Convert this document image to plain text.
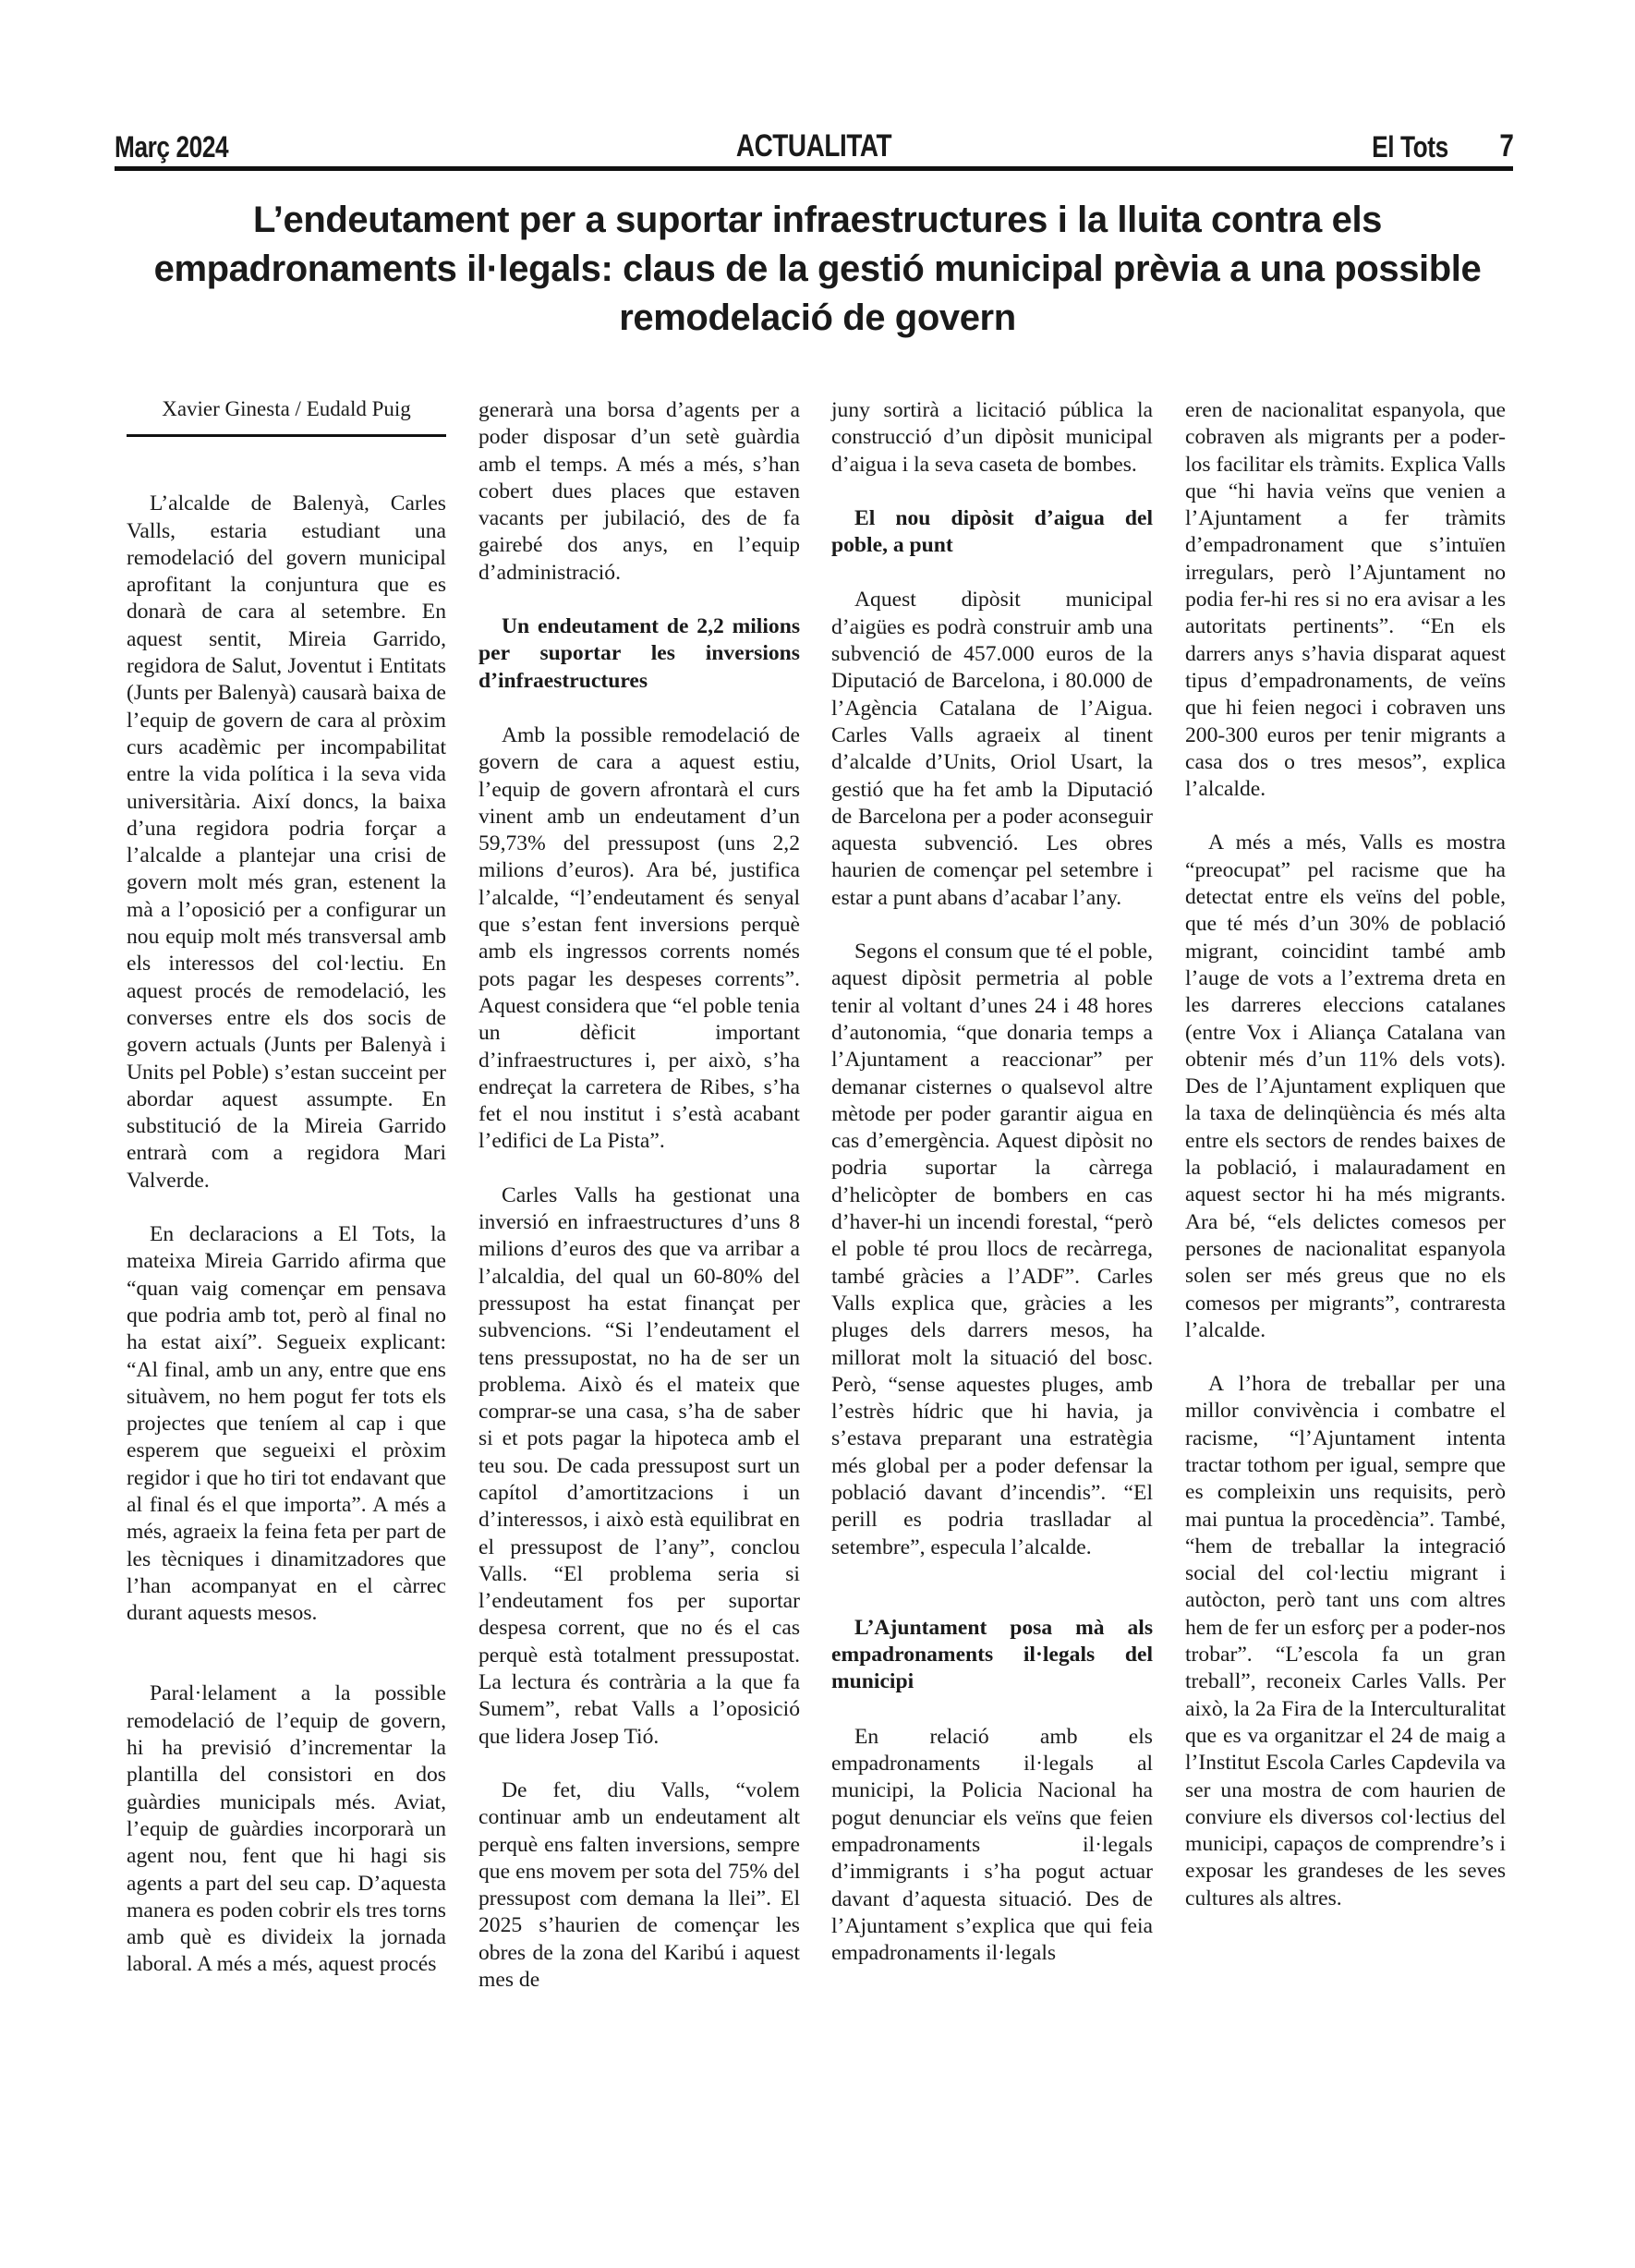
Març 2024	ACTUALITAT	El Tots 7
L’endeutament per a suportar infraestructures i la lluita contra els empadronaments il·legals: claus de la gestió municipal prèvia a una possible remodelació de govern
Xavier Ginesta / Eudald Puig

L’alcalde de Balenyà, Carles Valls, estaria estudiant una remodelació del govern municipal aprofitant la conjuntura que es donarà de cara al setembre. En aquest sentit, Mireia Garrido, regidora de Salut, Joventut i Entitats (Junts per Balenyà) causarà baixa de l’equip de govern de cara al pròxim curs acadèmic per incompabilitat entre la vida política i la seva vida universitària. Així doncs, la baixa d’una regidora podria forçar a l’alcalde a plantejar una crisi de govern molt més gran, estenent la mà a l’oposició per a configurar un nou equip molt més transversal amb els interessos del col·lectiu. En aquest procés de remodelació, les converses entre els dos socis de govern actuals (Junts per Balenyà i Units pel Poble) s’estan succeint per abordar aquest assumpte. En substitució de la Mireia Garrido entrarà com a regidora Mari Valverde.

En declaracions a El Tots, la mateixa Mireia Garrido afirma que “quan vaig començar em pensava que podria amb tot, però al final no ha estat així”. Segueix explicant: “Al final, amb un any, entre que ens situàvem, no hem pogut fer tots els projectes que teníem al cap i que esperem que segueixi el pròxim regidor i que ho tiri tot endavant que al final és el que importa”. A més a més, agraeix la feina feta per part de les tècniques i dinamitzadores que l’han acompanyat en el càrrec durant aquests mesos.

Paral·lelament a la possible remodelació de l’equip de govern, hi ha previsió d’incrementar la plantilla del consistori en dos guàrdies municipals més. Aviat, l’equip de guàrdies incorporarà un agent nou, fent que hi hagi sis agents a part del seu cap. D’aquesta manera es poden cobrir els tres torns amb què es divideix la jornada laboral. A més a més, aquest procés

generarà una borsa d’agents per a poder disposar d’un setè guàrdia amb el temps. A més a més, s’han cobert dues places que estaven vacants per jubilació, des de fa gairebé dos anys, en l’equip d’administració.

Un endeutament de 2,2 milions per suportar les inversions d’infraestructures

Amb la possible remodelació de govern de cara a aquest estiu, l’equip de govern afrontarà el curs vinent amb un endeutament d’un 59,73% del pressupost (uns 2,2 milions d’euros). Ara bé, justifica l’alcalde, “l’endeutament és senyal que s’estan fent inversions perquè amb els ingressos corrents només pots pagar les despeses corrents”. Aquest considera que “el poble tenia un dèficit important d’infraestructures i, per això, s’ha endreçat la carretera de Ribes, s’ha fet el nou institut i s’està acabant l’edifici de La Pista”.

Carles Valls ha gestionat una inversió en infraestructures d’uns 8 milions d’euros des que va arribar a l’alcaldia, del qual un 60-80% del pressupost ha estat finançat per subvencions. “Si l’endeutament el tens pressupostat, no ha de ser un problema. Això és el mateix que comprar-se una casa, s’ha de saber si et pots pagar la hipoteca amb el teu sou. De cada pressupost surt un capítol d’amortitzacions i un d’interessos, i això està equilibrat en el pressupost de l’any”, conclou Valls. “El problema seria si l’endeutament fos per suportar despesa corrent, que no és el cas perquè està totalment pressupostat. La lectura és contrària a la que fa Sumem”, rebat Valls a l’oposició que lidera Josep Tió.

De fet, diu Valls, “volem continuar amb un endeutament alt perquè ens falten inversions, sempre que ens movem per sota del 75% del pressupost com demana la llei”. El 2025 s’haurien de començar les obres de la zona del Karibú i aquest mes de

juny sortirà a licitació pública la construcció d’un dipòsit municipal d’aigua i la seva caseta de bombes.

El nou dipòsit d’aigua del poble, a punt

Aquest dipòsit municipal d’aigües es podrà construir amb una subvenció de 457.000 euros de la Diputació de Barcelona, i 80.000 de l’Agència Catalana de l’Aigua. Carles Valls agraeix al tinent d’alcalde d’Units, Oriol Usart, la gestió que ha fet amb la Diputació de Barcelona per a poder aconseguir aquesta subvenció. Les obres haurien de començar pel setembre i estar a punt abans d’acabar l’any.

Segons el consum que té el poble, aquest dipòsit permetria al poble tenir al voltant d’unes 24 i 48 hores d’autonomia, “que donaria temps a l’Ajuntament a reaccionar” per demanar cisternes o qualsevol altre mètode per poder garantir aigua en cas d’emergència. Aquest dipòsit no podria suportar la càrrega d’helicòpter de bombers en cas d’haver-hi un incendi forestal, “però el poble té prou llocs de recàrrega, també gràcies a l’ADF”. Carles Valls explica que, gràcies a les pluges dels darrers mesos, ha millorat molt la situació del bosc. Però, “sense aquestes pluges, amb l’estrès hídric que hi havia, ja s’estava preparant una estratègia més global per a poder defensar la població davant d’incendis”. “El perill es podria traslladar al setembre”, especula l’alcalde.

L’Ajuntament posa mà als empadronaments il·legals del municipi

En relació amb els empadronaments il·legals al municipi, la Policia Nacional ha pogut denunciar els veïns que feien empadronaments il·legals d’immigrants i s’ha pogut actuar davant d’aquesta situació. Des de l’Ajuntament s’explica que qui feia empadronaments il·legals

eren de nacionalitat espanyola, que cobraven als migrants per a poder-los facilitar els tràmits. Explica Valls que “hi havia veïns que venien a l’Ajuntament a fer tràmits d’empadronament que s’intuïen irregulars, però l’Ajuntament no podia fer-hi res si no era avisar a les autoritats pertinents”. “En els darrers anys s’havia disparat aquest tipus d’empadronaments, de veïns que hi feien negoci i cobraven uns 200-300 euros per tenir migrants a casa dos o tres mesos”, explica l’alcalde.

A més a més, Valls es mostra “preocupat” pel racisme que ha detectat entre els veïns del poble, que té més d’un 30% de població migrant, coincidint també amb l’auge de vots a l’extrema dreta en les darreres eleccions catalanes (entre Vox i Aliança Catalana van obtenir més d’un 11% dels vots). Des de l’Ajuntament expliquen que la taxa de delinqüència és més alta entre els sectors de rendes baixes de la població, i malauradament en aquest sector hi ha més migrants. Ara bé, “els delictes comesos per persones de nacionalitat espanyola solen ser més greus que no els comesos per migrants”, contraresta l’alcalde.

A l’hora de treballar per una millor convivència i combatre el racisme, “l’Ajuntament intenta tractar tothom per igual, sempre que es compleixin uns requisits, però mai puntua la procedència”. També, “hem de treballar la integració social del col·lectiu migrant i autòcton, però tant uns com altres hem de fer un esforç per a poder-nos trobar”. “L’escola fa un gran treball”, reconeix Carles Valls. Per això, la 2a Fira de la Interculturalitat que es va organitzar el 24 de maig a l’Institut Escola Carles Capdevila va ser una mostra de com haurien de conviure els diversos col·lectius del municipi, capaços de comprendre’s i exposar les grandeses de les seves cultures als altres.
